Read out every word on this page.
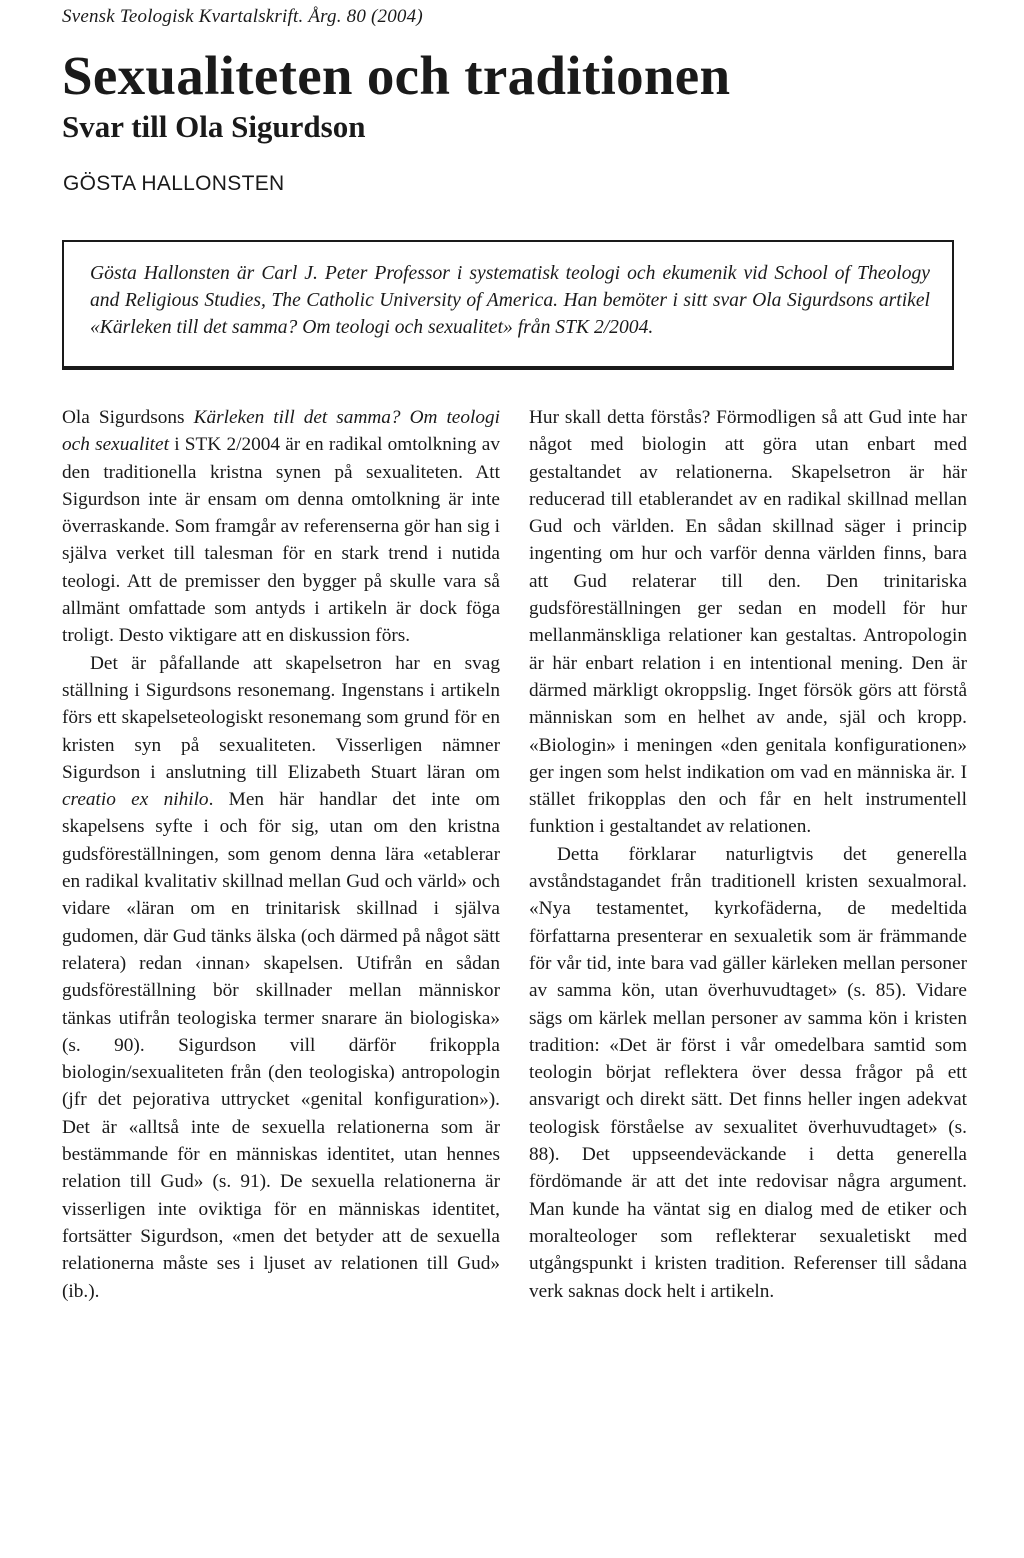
Svensk Teologisk Kvartalskrift. Årg. 80 (2004)
Sexualiteten och traditionen
Svar till Ola Sigurdson
GÖSTA HALLONSTEN

Gösta Hallonsten är Carl J. Peter Professor i systematisk teologi och ekumenik vid School of Theology and Religious Studies, The Catholic University of America. Han bemöter i sitt svar Ola Sigurdsons artikel «Kärleken till det samma? Om teologi och sexualitet» från STK 2/2004.

Ola Sigurdsons Kärleken till det samma? Om teologi och sexualitet i STK 2/2004 är en radikal omtolkning av den traditionella kristna synen på sexualiteten. Att Sigurdson inte är ensam om denna omtolkning är inte överraskande. Som framgår av referenserna gör han sig i själva verket till talesman för en stark trend i nutida teologi. Att de premisser den bygger på skulle vara så allmänt omfattade som antyds i artikeln är dock föga troligt. Desto viktigare att en diskussion förs.

Det är påfallande att skapelsetron har en svag ställning i Sigurdsons resonemang. Ingenstans i artikeln förs ett skapelseteologiskt resonemang som grund för en kristen syn på sexualiteten. Visserligen nämner Sigurdson i anslutning till Elizabeth Stuart läran om creatio ex nihilo. Men här handlar det inte om skapelsens syfte i och för sig, utan om den kristna gudsföreställningen, som genom denna lära «etablerar en radikal kvalitativ skillnad mellan Gud och värld» och vidare «läran om en trinitarisk skillnad i själva gudomen, där Gud tänks älska (och därmed på något sätt relatera) redan ‹innan› skapelsen. Utifrån en sådan gudsföreställning bör skillnader mellan människor tänkas utifrån teologiska termer snarare än biologiska» (s. 90). Sigurdson vill därför frikoppla biologin/sexualiteten från (den teologiska) antropologin (jfr det pejorativa uttrycket «genital konfiguration»). Det är «alltså inte de sexuella relationerna som är bestämmande för en människas identitet, utan hennes relation till Gud» (s. 91). De sexuella relationerna är visserligen inte oviktiga för en människas identitet, fortsätter Sigurdson, «men det betyder att de sexuella relationerna måste ses i ljuset av relationen till Gud» (ib.).

Hur skall detta förstås? Förmodligen så att Gud inte har något med biologin att göra utan enbart med gestaltandet av relationerna. Skapelsetron är här reducerad till etablerandet av en radikal skillnad mellan Gud och världen. En sådan skillnad säger i princip ingenting om hur och varför denna världen finns, bara att Gud relaterar till den. Den trinitariska gudsföreställningen ger sedan en modell för hur mellanmänskliga relationer kan gestaltas. Antropologin är här enbart relation i en intentional mening. Den är därmed märkligt okroppslig. Inget försök görs att förstå människan som en helhet av ande, själ och kropp. «Biologin» i meningen «den genitala konfigurationen» ger ingen som helst indikation om vad en människa är. I stället frikopplas den och får en helt instrumentell funktion i gestaltandet av relationen.

Detta förklarar naturligtvis det generella avståndstagandet från traditionell kristen sexualmoral. «Nya testamentet, kyrkofäderna, de medeltida författarna presenterar en sexualetik som är främmande för vår tid, inte bara vad gäller kärleken mellan personer av samma kön, utan överhuvudtaget» (s. 85). Vidare sägs om kärlek mellan personer av samma kön i kristen tradition: «Det är först i vår omedelbara samtid som teologin börjat reflektera över dessa frågor på ett ansvarigt och direkt sätt. Det finns heller ingen adekvat teologisk förståelse av sexualitet överhuvudtaget» (s. 88). Det uppseendeväckande i detta generella fördömande är att det inte redovisar några argument. Man kunde ha väntat sig en dialog med de etiker och moralteologer som reflekterar sexualetiskt med utgångspunkt i kristen tradition. Referenser till sådana verk saknas dock helt i artikeln.
